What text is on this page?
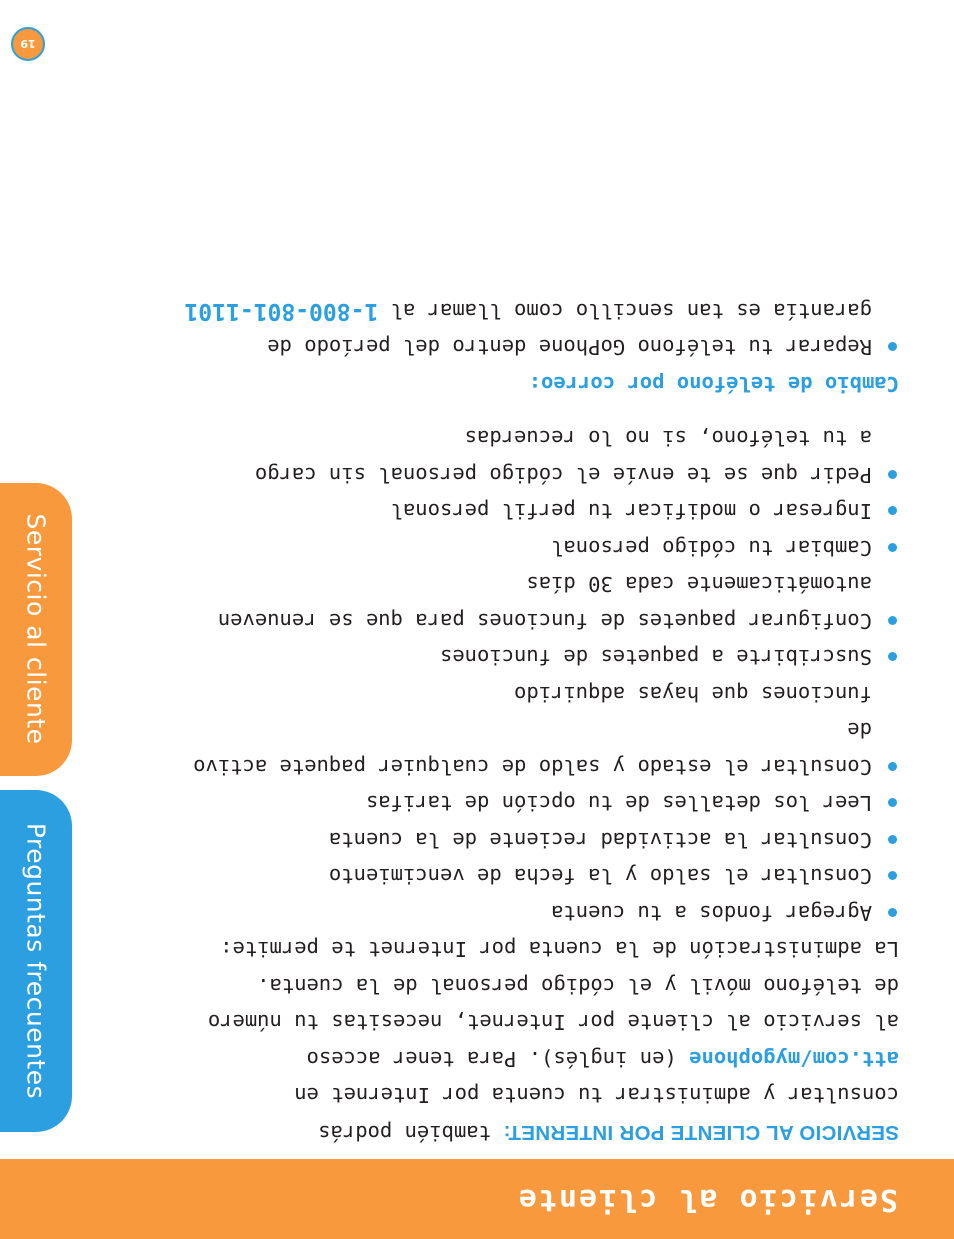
Servicio al cliente
Preguntas frecuentes
Servicio al cliente

SERVICIO AL CLIENTE POR INTERNET: también podrás
consultar y administrar tu cuenta por Internet en
att.com/mygophone (en inglés). Para tener acceso
al servicio al cliente por Internet, necesitas tu número
de teléfono móvil y el código personal de la cuenta.
La administración de la cuenta por Internet te permite:

Agregar fondos a tu cuenta
Consultar el saldo y la fecha de vencimiento
Consultar la actividad reciente de la cuenta
Leer los detalles de tu opción de tarifas
Consultar el estado y saldo de cualquier paquete activo de
funciones que hayas adquirido
Suscribirte a paquetes de funciones
Configurar paquetes de funciones para que se renueven
automáticamente cada 30 días
Cambiar tu código personal
Ingresar o modificar tu perfil personal
Pedir que se te envíe el código personal sin cargo
a tu teléfono, si no lo recuerdas

Cambio de teléfono por correo:

Reparar tu teléfono GoPhone dentro del período de
garantía es tan sencillo como llamar al 1-800-801-1101
19
